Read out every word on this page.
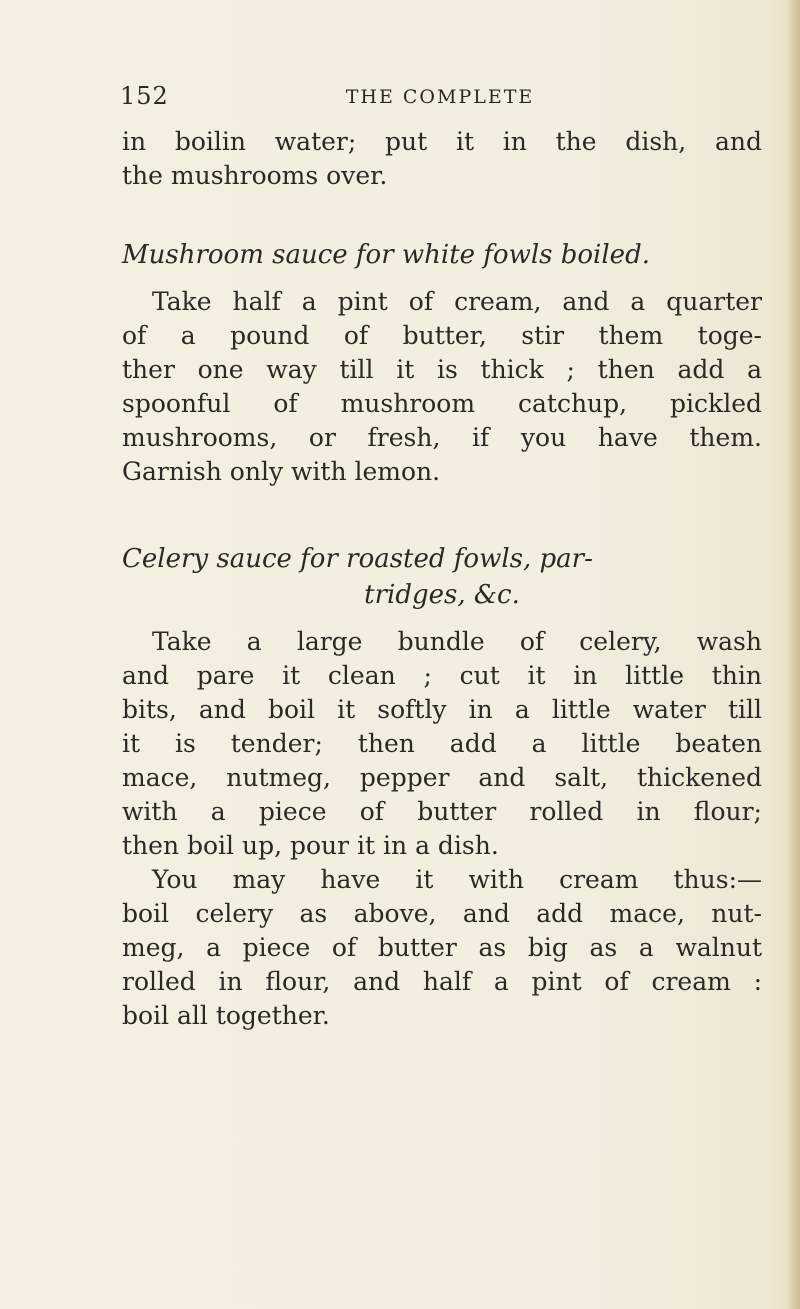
152	THE COMPLETE
in boilin water; put it in the dish, and
the mushrooms over.
Mushroom sauce for white fowls boiled.
Take half a pint of cream, and a quarter
of a pound of butter, stir them toge-
ther one way till it is thick ; then add a
spoonful of mushroom catchup, pickled
mushrooms, or fresh, if you have them.
Garnish only with lemon.
Celery sauce for roasted fowls, par-
tridges, &c.
Take a large bundle of celery, wash
and pare it clean ; cut it in little thin
bits, and boil it softly in a little water till
it is tender; then add a little beaten
mace, nutmeg, pepper and salt, thickened
with a piece of butter rolled in flour;
then boil up, pour it in a dish.
You may have it with cream thus:—
boil celery as above, and add mace, nut-
meg, a piece of butter as big as a walnut
rolled in flour, and half a pint of cream :
boil all together.
